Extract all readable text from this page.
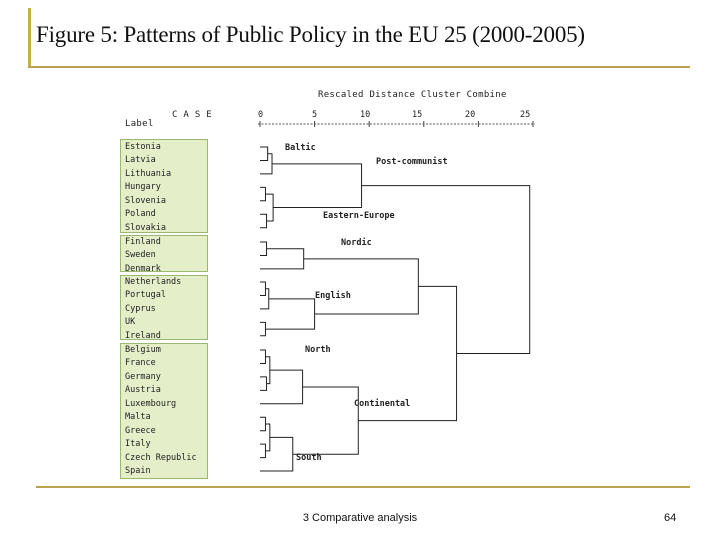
Figure 5: Patterns of Public Policy in the EU 25 (2000-2005)
Rescaled Distance Cluster Combine
C A S E
Label
0	5	10	15	20	25
Estonia
Latvia
Lithuania
Hungary
Slovenia
Poland
Slovakia
Finland
Sweden
Denmark
Netherlands
Portugal
Cyprus
UK
Ireland
Belgium
France
Germany
Austria
Luxembourg
Malta
Greece
Italy
Czech Republic
Spain
Baltic
Post-communist
Eastern-Europe
Nordic
English
North
Continental
South
3 Comparative analysis	64
